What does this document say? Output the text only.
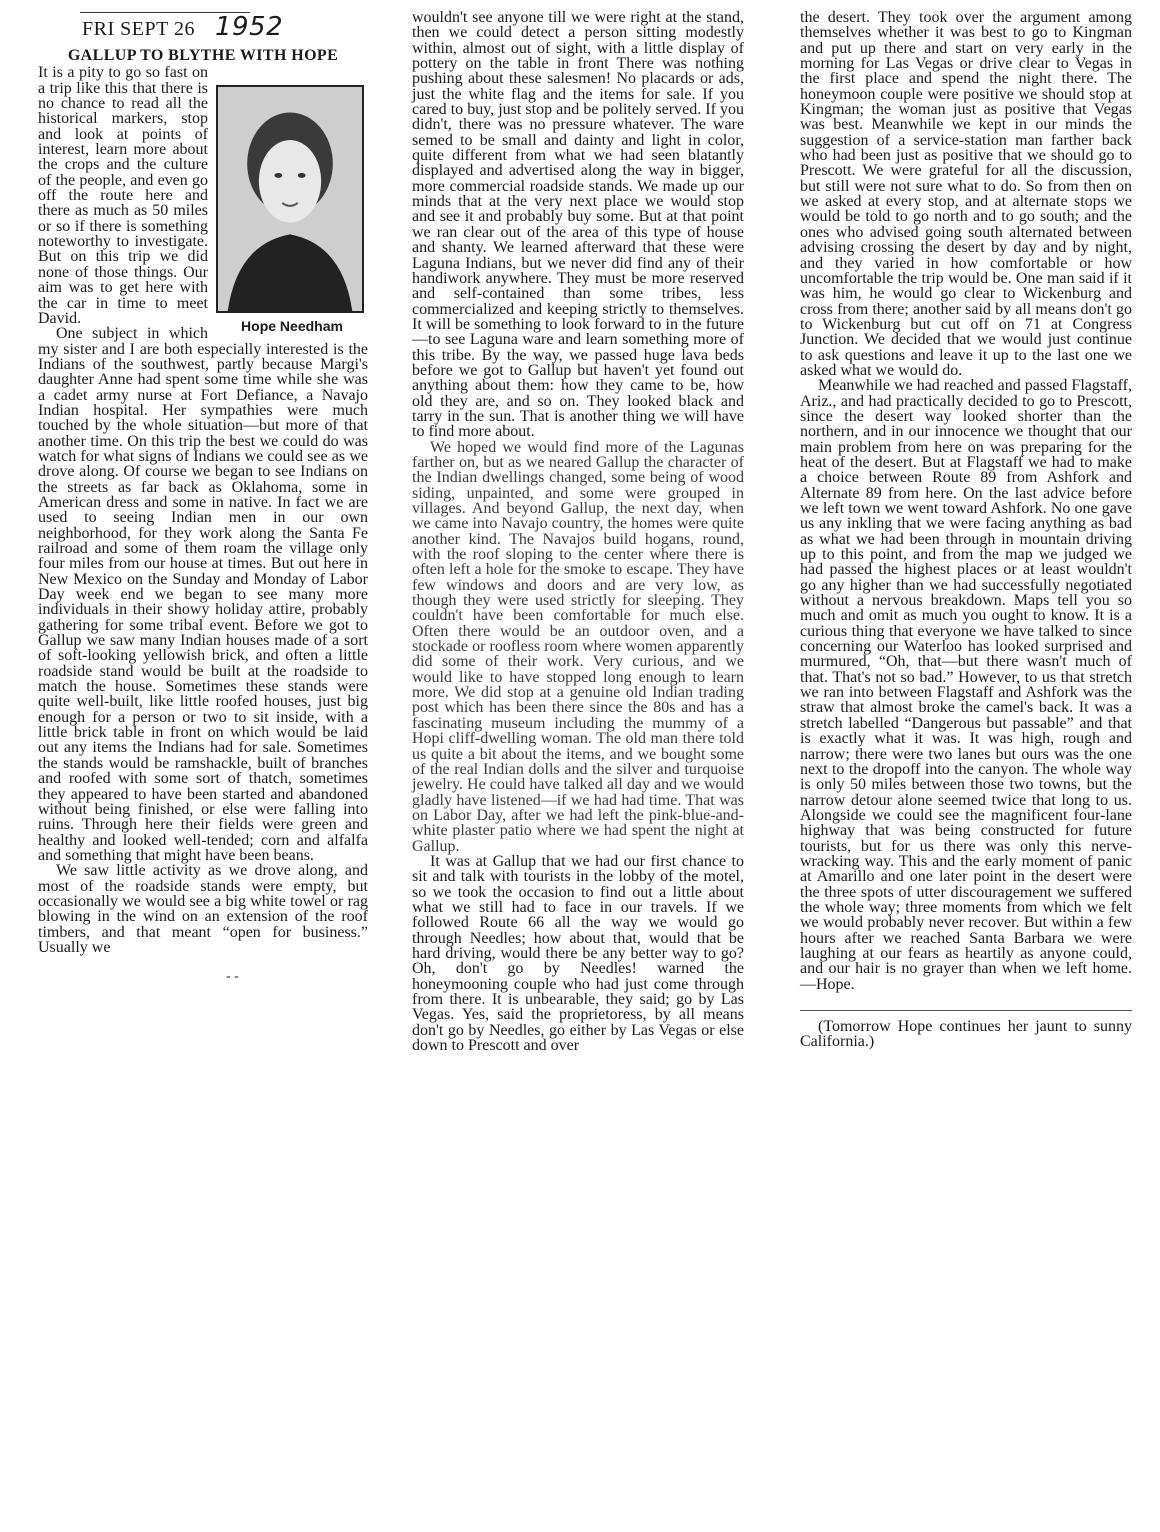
FRI SEPT 26 1952
GALLUP TO BLYTHE WITH HOPE

Hope Needham
It is a pity to go so fast on a trip like this that there is no chance to read all the historical markers, stop and look at points of interest, learn more about the crops and the culture of the people, and even go off the route here and there as much as 50 miles or so if there is something noteworthy to investigate. But on this trip we did none of those things. Our aim was to get here with the car in time to meet David.

One subject in which my sister and I are both especially interested is the Indians of the southwest, partly because Margi's daughter Anne had spent some time while she was a cadet army nurse at Fort Defiance, a Navajo Indian hospital. Her sympathies were much touched by the whole situation—but more of that another time. On this trip the best we could do was watch for what signs of Indians we could see as we drove along. Of course we began to see Indians on the streets as far back as Oklahoma, some in American dress and some in native. In fact we are used to seeing Indian men in our own neighborhood, for they work along the Santa Fe railroad and some of them roam the village only four miles from our house at times. But out here in New Mexico on the Sunday and Monday of Labor Day week end we began to see many more individuals in their showy holiday attire, probably gathering for some tribal event. Before we got to Gallup we saw many Indian houses made of a sort of soft-looking yellowish brick, and often a little roadside stand would be built at the roadside to match the house. Sometimes these stands were quite well-built, like little roofed houses, just big enough for a person or two to sit inside, with a little brick table in front on which would be laid out any items the Indians had for sale. Sometimes the stands would be ramshackle, built of branches and roofed with some sort of thatch, sometimes they appeared to have been started and abandoned without being finished, or else were falling into ruins. Through here their fields were green and healthy and looked well-tended; corn and alfalfa and something that might have been beans.

We saw little activity as we drove along, and most of the roadside stands were empty, but occasionally we would see a big white towel or rag blowing in the wind on an extension of the roof timbers, and that meant “open for business.” Usually we

- -

wouldn't see anyone till we were right at the stand, then we could detect a person sitting modestly within, almost out of sight, with a little display of pottery on the table in front There was nothing pushing about these salesmen! No placards or ads, just the white flag and the items for sale. If you cared to buy, just stop and be politely served. If you didn't, there was no pressure whatever. The ware semed to be small and dainty and light in color, quite different from what we had seen blatantly displayed and advertised along the way in bigger, more commercial roadside stands. We made up our minds that at the very next place we would stop and see it and probably buy some. But at that point we ran clear out of the area of this type of house and shanty. We learned afterward that these were Laguna Indians, but we never did find any of their handiwork anywhere. They must be more reserved and self-contained than some tribes, less commercialized and keeping strictly to themselves. It will be something to look forward to in the future—to see Laguna ware and learn something more of this tribe. By the way, we passed huge lava beds before we got to Gallup but haven't yet found out anything about them: how they came to be, how old they are, and so on. They looked black and tarry in the sun. That is another thing we will have to find more about.

We hoped we would find more of the Lagunas farther on, but as we neared Gallup the character of the Indian dwellings changed, some being of wood siding, unpainted, and some were grouped in villages. And beyond Gallup, the next day, when we came into Navajo country, the homes were quite another kind. The Navajos build hogans, round, with the roof sloping to the center where there is often left a hole for the smoke to escape. They have few windows and doors and are very low, as though they were used strictly for sleeping. They couldn't have been comfortable for much else. Often there would be an outdoor oven, and a stockade or roofless room where women apparently did some of their work. Very curious, and we would like to have stopped long enough to learn more. We did stop at a genuine old Indian trading post which has been there since the 80s and has a fascinating museum including the mummy of a Hopi cliff-dwelling woman. The old man there told us quite a bit about the items, and we bought some of the real Indian dolls and the silver and turquoise jewelry. He could have talked all day and we would gladly have listened—if we had had time. That was on Labor Day, after we had left the pink-blue-and-white plaster patio where we had spent the night at Gallup.

It was at Gallup that we had our first chance to sit and talk with tourists in the lobby of the motel, so we took the occasion to find out a little about what we still had to face in our travels. If we followed Route 66 all the way we would go through Needles; how about that, would that be hard driving, would there be any better way to go? Oh, don't go by Needles! warned the honeymooning couple who had just come through from there. It is unbearable, they said; go by Las Vegas. Yes, said the proprietoress, by all means don't go by Needles, go either by Las Vegas or else down to Prescott and over

the desert. They took over the argument among themselves whether it was best to go to Kingman and put up there and start on very early in the morning for Las Vegas or drive clear to Vegas in the first place and spend the night there. The honeymoon couple were positive we should stop at Kingman; the woman just as positive that Vegas was best. Meanwhile we kept in our minds the suggestion of a service-station man farther back who had been just as positive that we should go to Prescott. We were grateful for all the discussion, but still were not sure what to do. So from then on we asked at every stop, and at alternate stops we would be told to go north and to go south; and the ones who advised going south alternated between advising crossing the desert by day and by night, and they varied in how comfortable or how uncomfortable the trip would be. One man said if it was him, he would go clear to Wickenburg and cross from there; another said by all means don't go to Wickenburg but cut off on 71 at Congress Junction. We decided that we would just continue to ask questions and leave it up to the last one we asked what we would do.

Meanwhile we had reached and passed Flagstaff, Ariz., and had practically decided to go to Prescott, since the desert way looked shorter than the northern, and in our innocence we thought that our main problem from here on was preparing for the heat of the desert. But at Flagstaff we had to make a choice between Route 89 from Ashfork and Alternate 89 from here. On the last advice before we left town we went toward Ashfork. No one gave us any inkling that we were facing anything as bad as what we had been through in mountain driving up to this point, and from the map we judged we had passed the highest places or at least wouldn't go any higher than we had successfully negotiated without a nervous breakdown. Maps tell you so much and omit as much you ought to know. It is a curious thing that everyone we have talked to since concerning our Waterloo has looked surprised and murmured, “Oh, that—but there wasn't much of that. That's not so bad.” However, to us that stretch we ran into between Flagstaff and Ashfork was the straw that almost broke the camel's back. It was a stretch labelled “Dangerous but passable” and that is exactly what it was. It was high, rough and narrow; there were two lanes but ours was the one next to the dropoff into the canyon. The whole way is only 50 miles between those two towns, but the narrow detour alone seemed twice that long to us. Alongside we could see the magnificent four-lane highway that was being constructed for future tourists, but for us there was only this nerve-wracking way. This and the early moment of panic at Amarillo and one later point in the desert were the three spots of utter discouragement we suffered the whole way; three moments from which we felt we would probably never recover. But within a few hours after we reached Santa Barbara we were laughing at our fears as heartily as anyone could, and our hair is no grayer than when we left home.—Hope.

(Tomorrow Hope continues her jaunt to sunny California.)
